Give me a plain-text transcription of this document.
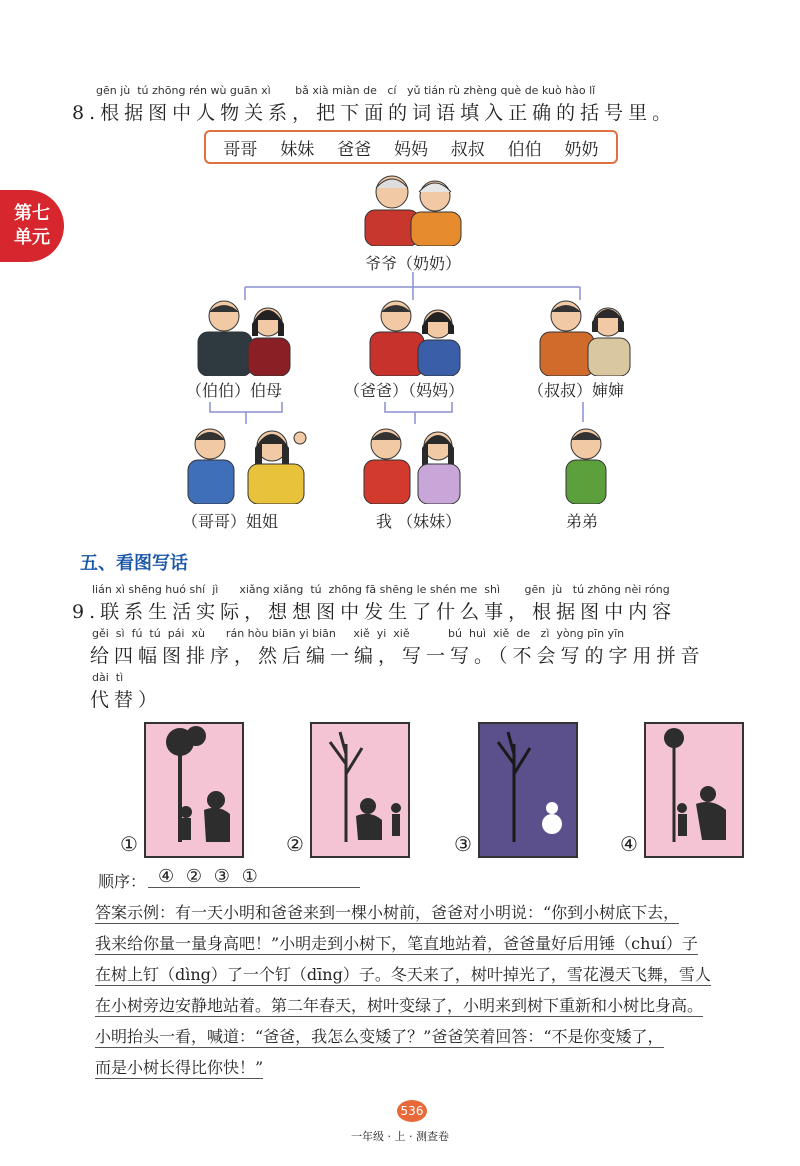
gēn jù  tú zhōng rén wù guān xì       bǎ xià miàn de   cí   yǔ tián rù zhèng què de kuò hào lǐ
8.根据图中人物关系，把下面的词语填入正确的括号里。
哥哥 妹妹 爸爸 妈妈 叔叔 伯伯 奶奶
第七
单元
爷爷（奶奶）
（伯伯）伯母	（爸爸）（妈妈）	（叔叔）婶婶
（哥哥）姐姐	我 （妹妹）	弟弟
五、看图写话
lián xì shēng huó shí  jì      xiǎng xiǎng  tú  zhōng fā shēng le shén me  shì       gēn  jù   tú zhōng nèi róng
9.联系生活实际，想想图中发生了什么事，根据图中内容
gěi  sì  fú  tú  pái  xù      rán hòu biān yi biān     xiě  yi  xiě           bú  huì  xiě  de   zì  yòng pīn yīn
给四幅图排序，然后编一编，写一写。（不会写的字用拼音
dài  tì
代替）
①	②	③	④
顺序： ④ ② ③ ①
答案示例：有一天小明和爸爸来到一棵小树前，爸爸对小明说：“你到小树底下去，
我来给你量一量身高吧！”小明走到小树下，笔直地站着，爸爸量好后用锤（chuí）子
在树上钉（dìng）了一个钉（dīng）子。冬天来了，树叶掉光了，雪花漫天飞舞，雪人
在小树旁边安静地站着。第二年春天，树叶变绿了，小明来到树下重新和小树比身高。
小明抬头一看，喊道：“爸爸，我怎么变矮了？”爸爸笑着回答：“不是你变矮了，
而是小树长得比你快！”
536
一年级 · 上 · 测查卷
